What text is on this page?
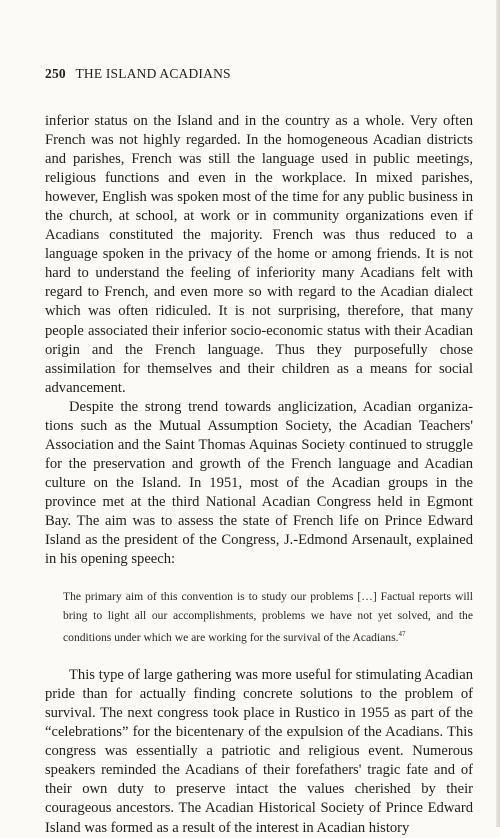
250 THE ISLAND ACADIANS

inferior status on the Island and in the country as a whole. Very often French was not highly regarded. In the homogeneous Acadian districts and parishes, French was still the language used in public meetings, religious functions and even in the workplace. In mixed parishes, however, English was spoken most of the time for any public business in the church, at school, at work or in community organizations even if Acadians constituted the majority. French was thus reduced to a language spoken in the privacy of the home or among friends. It is not hard to understand the feeling of inferiority many Acadians felt with regard to French, and even more so with regard to the Acadian dialect which was often ridiculed. It is not surprising, therefore, that many people associated their inferior socio-economic status with their Acadian origin and the French language. Thus they purposefully chose assimilation for themselves and their children as a means for social advancement.

Despite the strong trend towards anglicization, Acadian organizations such as the Mutual Assumption Society, the Acadian Teachers' Association and the Saint Thomas Aquinas Society continued to struggle for the preservation and growth of the French language and Acadian culture on the Island. In 1951, most of the Acadian groups in the province met at the third National Acadian Congress held in Egmont Bay. The aim was to assess the state of French life on Prince Edward Island as the president of the Congress, J.-Edmond Arsenault, explained in his opening speech:

The primary aim of this convention is to study our problems […] Factual reports will bring to light all our accomplishments, problems we have not yet solved, and the conditions under which we are working for the survival of the Acadians.$^{47}$

This type of large gathering was more useful for stimulating Acadian pride than for actually finding concrete solutions to the problem of survival. The next congress took place in Rustico in 1955 as part of the “celebrations” for the bicentenary of the expulsion of the Acadians. This congress was essentially a patriotic and religious event. Numerous speakers reminded the Acadians of their forefathers' tragic fate and of their own duty to preserve intact the values cherished by their courageous ancestors. The Acadian Historical Society of Prince Edward Island was formed as a result of the interest in Acadian history
